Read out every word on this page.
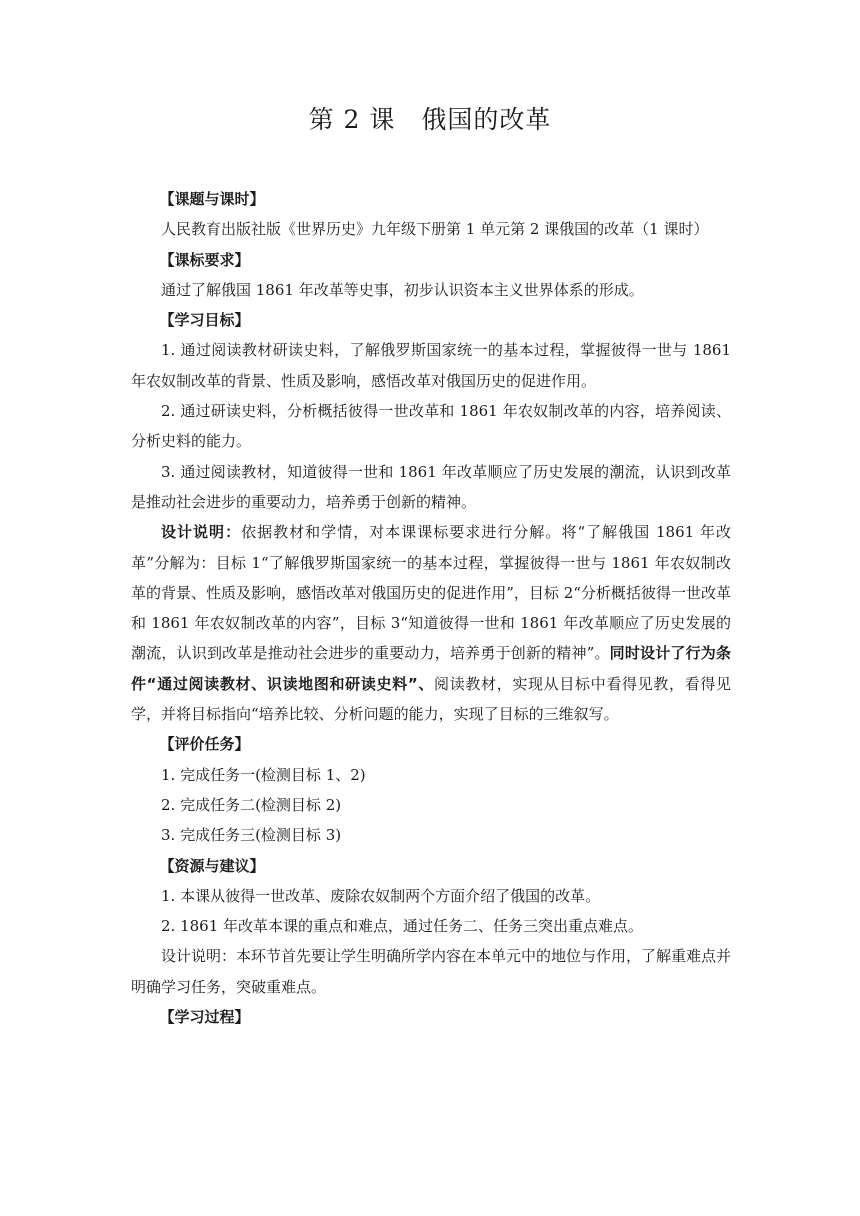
第 2 课　俄国的改革

【课题与课时】

人民教育出版社版《世界历史》九年级下册第 1 单元第 2 课俄国的改革（1 课时）

【课标要求】

通过了解俄国 1861 年改革等史事，初步认识资本主义世界体系的形成。

【学习目标】

1. 通过阅读教材研读史料，了解俄罗斯国家统一的基本过程，掌握彼得一世与 1861 年农奴制改革的背景、性质及影响，感悟改革对俄国历史的促进作用。

2. 通过研读史料，分析概括彼得一世改革和 1861 年农奴制改革的内容，培养阅读、分析史料的能力。

3. 通过阅读教材，知道彼得一世和 1861 年改革顺应了历史发展的潮流，认识到改革是推动社会进步的重要动力，培养勇于创新的精神。

设计说明：依据教材和学情，对本课课标要求进行分解。将“了解俄国 1861 年改革”分解为：目标 1“了解俄罗斯国家统一的基本过程，掌握彼得一世与 1861 年农奴制改革的背景、性质及影响，感悟改革对俄国历史的促进作用”，目标 2“分析概括彼得一世改革和 1861 年农奴制改革的内容”，目标 3“知道彼得一世和 1861 年改革顺应了历史发展的潮流，认识到改革是推动社会进步的重要动力，培养勇于创新的精神”。同时设计了行为条件“通过阅读教材、识读地图和研读史料”、阅读教材，实现从目标中看得见教，看得见学，并将目标指向“培养比较、分析问题的能力，实现了目标的三维叙写。

【评价任务】

1. 完成任务一(检测目标 1、2)

2. 完成任务二(检测目标 2)

3. 完成任务三(检测目标 3)

【资源与建议】

1. 本课从彼得一世改革、废除农奴制两个方面介绍了俄国的改革。

2. 1861 年改革本课的重点和难点，通过任务二、任务三突出重点难点。

设计说明：本环节首先要让学生明确所学内容在本单元中的地位与作用，了解重难点并明确学习任务，突破重难点。

【学习过程】
